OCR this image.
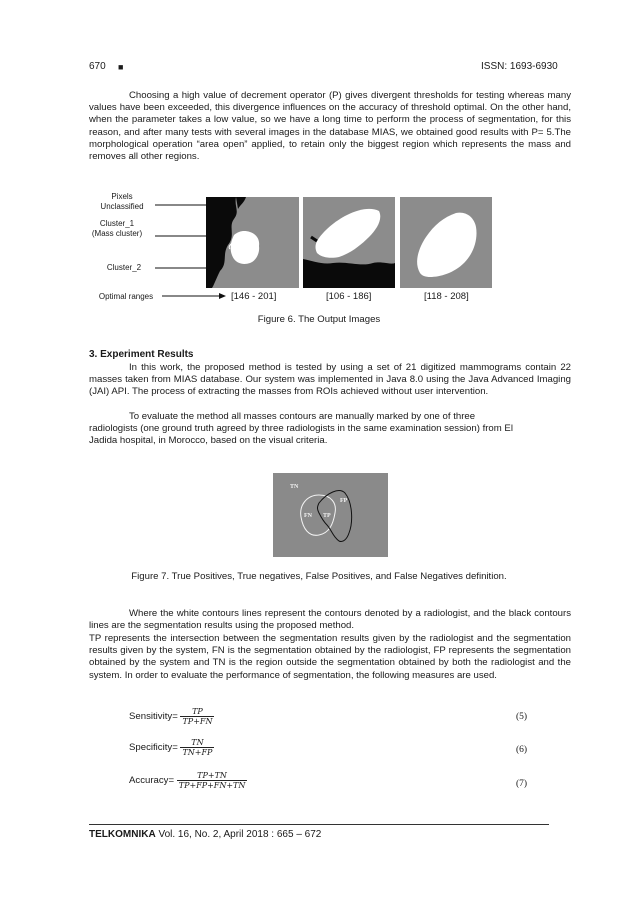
670 ■	ISSN: 1693-6930

Choosing a high value of decrement operator (P) gives divergent thresholds for testing whereas many values have been exceeded, this divergence influences on the accuracy of threshold optimal. On the other hand, when the parameter takes a low value, so we have a long time to perform the process of segmentation, for this reason, and after many tests with several images in the database MIAS, we obtained good results with P= 5.The morphological operation “area open” applied, to retain only the biggest region which represents the mass and removes all other regions.

Pixels
Unclassified
Cluster_1
(Mass cluster)
Cluster_2
Optimal ranges	[146 - 201]	[106 - 186]	[118 - 208]
Figure 6. The Output Images
3. Experiment Results

In this work, the proposed method is tested by using a set of 21 digitized mammograms contain 22 masses taken from MIAS database. Our system was implemented in Java 8.0 using the Java Advanced Imaging (JAI) API. The process of extracting the masses from ROIs achieved without user intervention.

To evaluate the method all masses contours are manually marked by one of three
radiologists (one ground truth agreed by three radiologists in the same examination session) from El
Jadida hospital, in Morocco, based on the visual criteria.
TN
FP
FN TP
Figure 7. True Positives, True negatives, False Positives, and False Negatives definition.

Where the white contours lines represent the contours denoted by a radiologist, and the black contours lines are the segmentation results using the proposed method.

TP represents the intersection between the segmentation results given by the radiologist and the segmentation results given by the system, FN is the segmentation obtained by the radiologist, FP represents the segmentation obtained by the system and TN is the region outside the segmentation obtained by both the radiologist and the system. In order to evaluate the performance of segmentation, the following measures are used.

Sensitivity= $\frac{TP}{TP+FN}$	(5)
Specificity= $\frac{TN}{TN+FP}$	(6)
Accuracy= $\frac{TP+TN}{TP+FP+FN+TN}$	(7)
TELKOMNIKA Vol. 16, No. 2, April 2018 : 665 – 672
